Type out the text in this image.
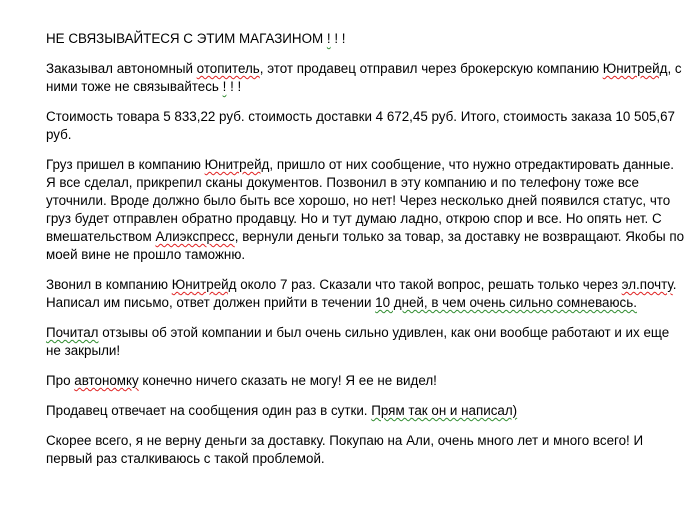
НЕ СВЯЗЫВАЙТЕСЯ С ЭТИМ МАГАЗИНОМ ! ! !

Заказывал автономный отопитель, этот продавец отправил через брокерскую компанию Юнитрейд, с ними тоже не связывайтесь ! ! !

Стоимость товара 5 833,22 руб. стоимость доставки 4 672,45 руб. Итого, стоимость заказа 10 505,67 руб.

Груз пришел в компанию Юнитрейд, пришло от них сообщение, что нужно отредактировать данные. Я все сделал, прикрепил сканы документов. Позвонил в эту компанию и по телефону тоже все уточнили. Вроде должно было быть все хорошо, но нет! Через несколько дней появился статус, что груз будет отправлен обратно продавцу. Но и тут думаю ладно, открою спор и все. Но опять нет. С вмешательством Алиэкспресс, вернули деньги только за товар, за доставку не возвращают. Якобы по моей вине не прошло таможню.

Звонил в компанию Юнитрейд около 7 раз. Сказали что такой вопрос, решать только через эл.почту. Написал им письмо, ответ должен прийти в течении 10 дней, в чем очень сильно сомневаюсь.

Почитал отзывы об этой компании и был очень сильно удивлен, как они вообще работают и их еще не закрыли!

Про автономку конечно ничего сказать не могу! Я ее не видел!

Продавец отвечает на сообщения один раз в сутки. Прям так он и написал)

Скорее всего, я не верну деньги за доставку. Покупаю на Али, очень много лет и много всего! И первый раз сталкиваюсь с такой проблемой.
